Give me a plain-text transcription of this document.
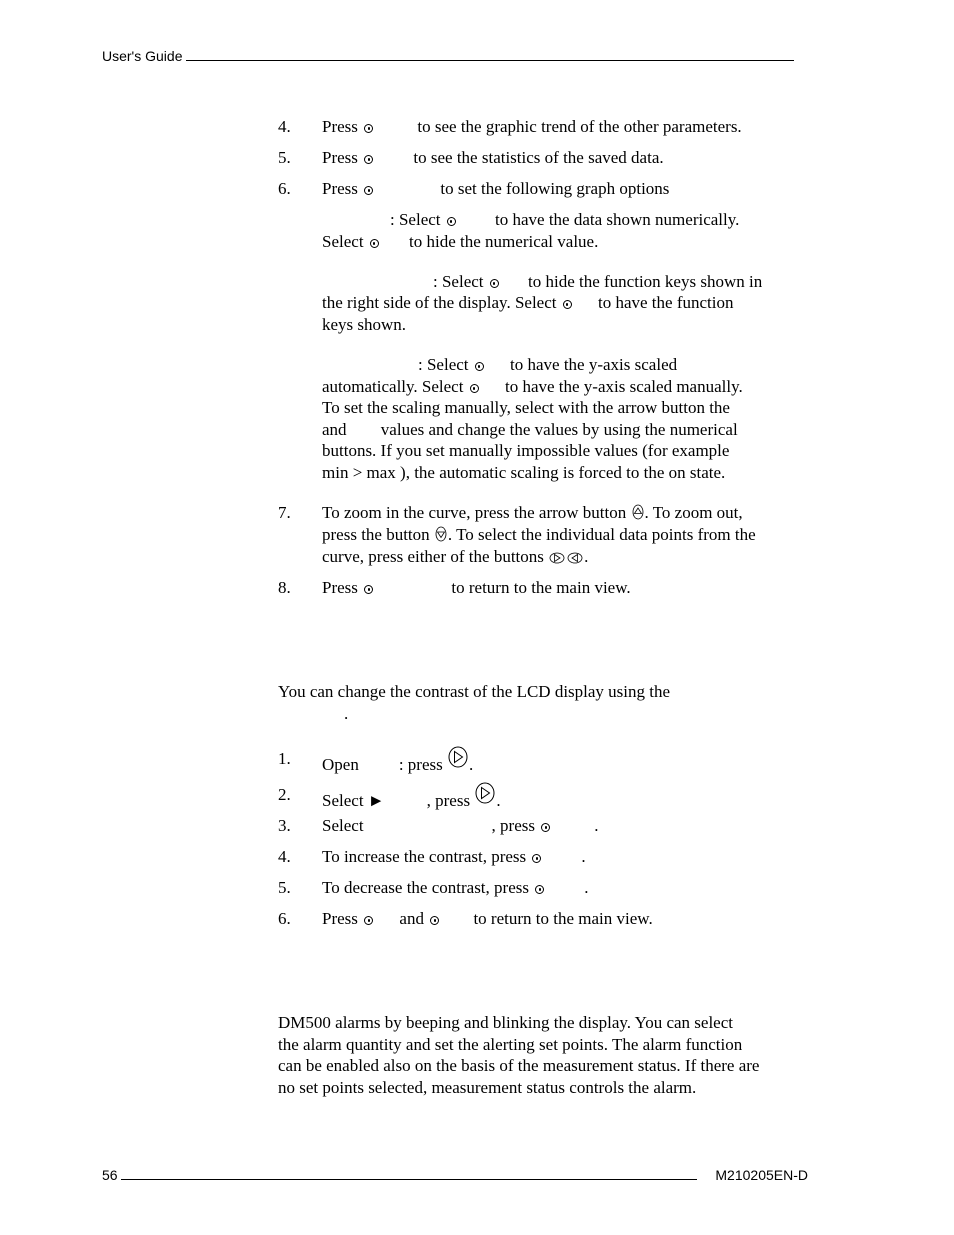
User's Guide
4. Press	to see the graphic trend of the other parameters.
5. Press	to see the statistics of the saved data.
6. Press	to set the following graph options
: Select	to have the data shown numerically.
Select	to hide the numerical value.
: Select	to hide the function keys shown in
the right side of the display. Select to have the function
keys shown.
: Select to have the y-axis scaled
automatically. Select to have the y-axis scaled manually.
To set the scaling manually, select with the arrow button the
and values and change the values by using the numerical
buttons. If you set manually impossible values (for example
min > max ), the automatic scaling is forced to the on state.
7. To zoom in the curve, press the arrow button . To zoom out,
press the button . To select the individual data points from the
curve, press either of the buttons .
8. Press	to return to the main view.
You can change the contrast of the LCD display using the
.
1. Open : press .
2. Select ► , press .
3. Select	, press	.
4. To increase the contrast, press	.
5. To decrease the contrast, press	.
6. Press and	to return to the main view.
DM500 alarms by beeping and blinking the display. You can select
the alarm quantity and set the alerting set points. The alarm function
can be enabled also on the basis of the measurement status. If there are
no set points selected, measurement status controls the alarm.
56	M210205EN-D
